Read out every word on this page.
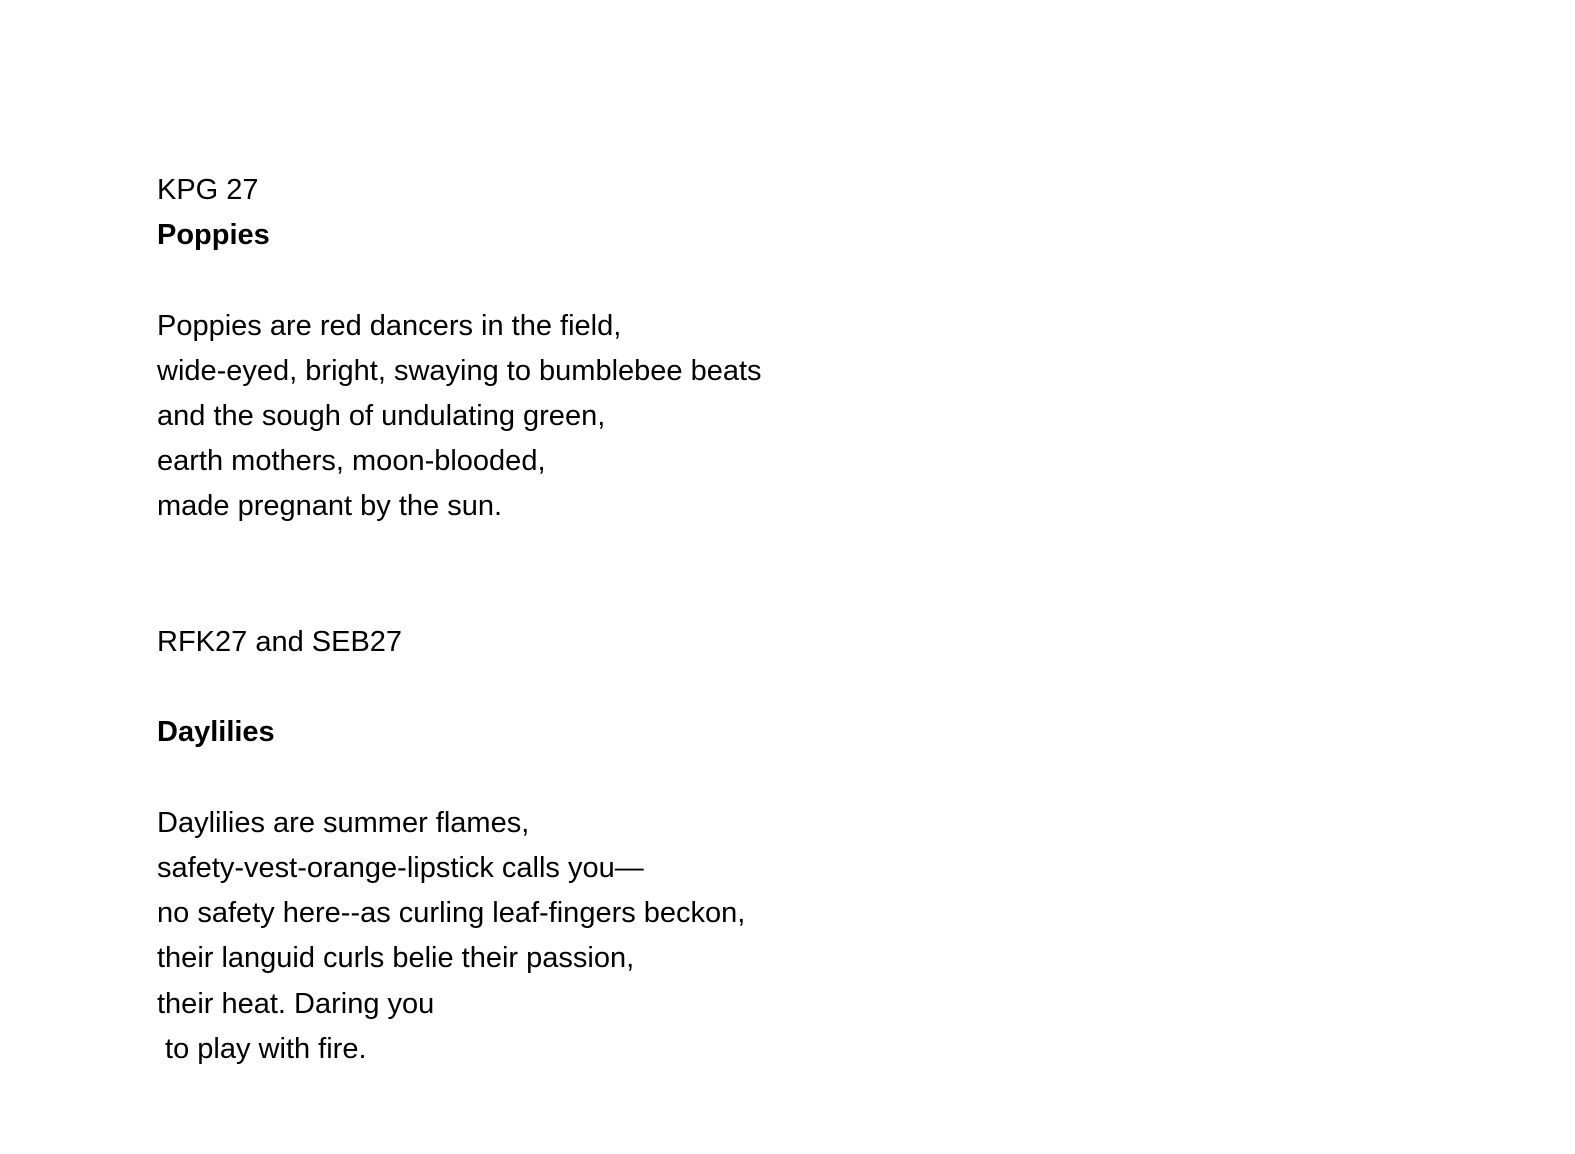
KPG 27
Poppies
Poppies are red dancers in the field,
wide-eyed, bright, swaying to bumblebee beats
and the sough of undulating green,
earth mothers, moon-blooded,
made pregnant by the sun.
RFK27 and SEB27
Daylilies
Daylilies are summer flames,
safety-vest-orange-lipstick calls you—
no safety here--as curling leaf-fingers beckon,
their languid curls belie their passion,
their heat. Daring you
to play with fire.
